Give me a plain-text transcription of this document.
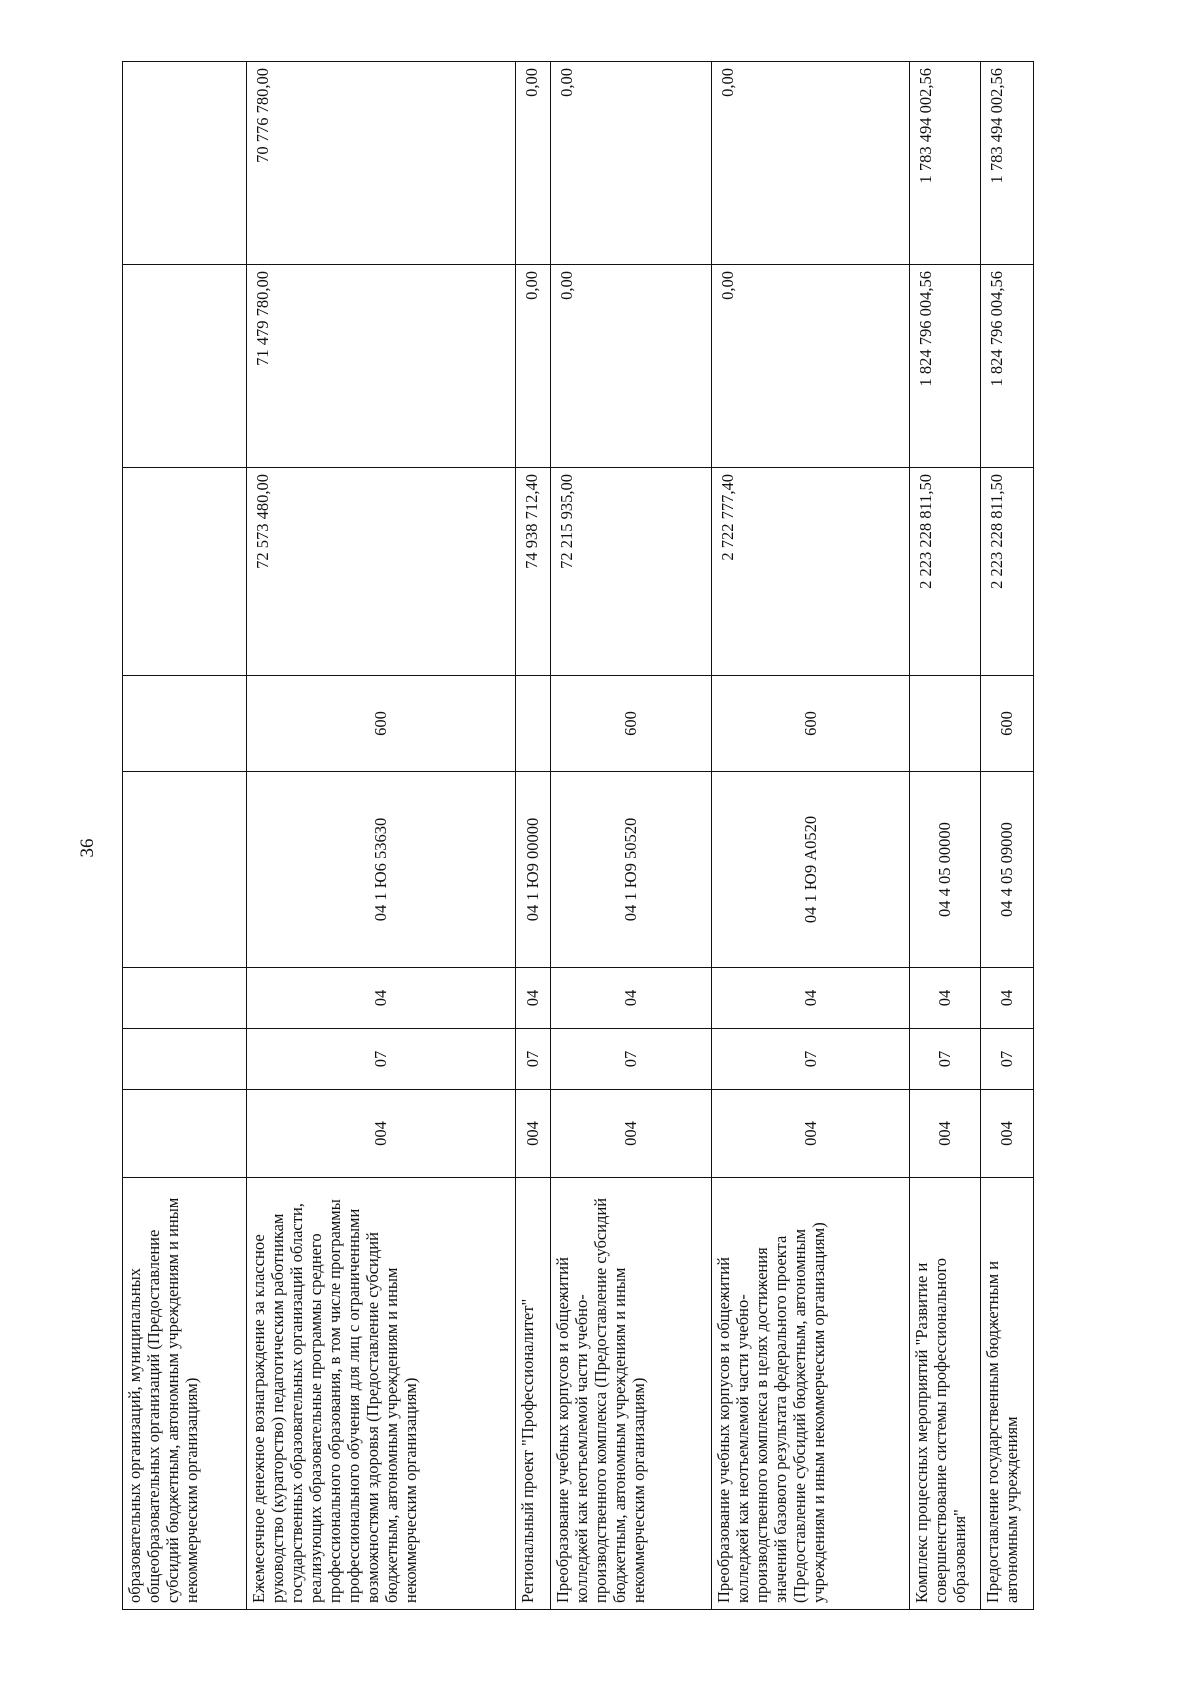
36
образовательных организаций, муниципальных общеобразовательных организаций (Предоставление субсидий бюджетным, автономным учреждениям и иным некоммерческим организациям)								
Ежемесячное денежное вознаграждение за классное руководство (кураторство) педагогическим работникам государственных образовательных организаций области, реализующих образовательные программы среднего профессионального образования, в том числе программы профессионального обучения для лиц с ограниченными возможностями здоровья (Предоставление субсидий бюджетным, автономным учреждениям и иным некоммерческим организациям)	004	07	04	04 1 Ю6 53630	600	72 573 480,00	71 479 780,00	70 776 780,00
Региональный проект "Профессионалитет"	004	07	04	04 1 Ю9 00000		74 938 712,40	0,00	0,00
Преобразование учебных корпусов и общежитий колледжей как неотъемлемой части учебно-производственного комплекса (Предоставление субсидий бюджетным, автономным учреждениям и иным некоммерческим организациям)	004	07	04	04 1 Ю9 50520	600	72 215 935,00	0,00	0,00
Преобразование учебных корпусов и общежитий колледжей как неотъемлемой части учебно-производственного комплекса в целях достижения значений базового результата федерального проекта (Предоставление субсидий бюджетным, автономным учреждениям и иным некоммерческим организациям)	004	07	04	04 1 Ю9 А0520	600	2 722 777,40	0,00	0,00
Комплекс процессных мероприятий "Развитие и совершенствование системы профессионального образования"	004	07	04	04 4 05 00000		2 223 228 811,50	1 824 796 004,56	1 783 494 002,56
Предоставление государственным бюджетным и автономным учреждениям	004	07	04	04 4 05 09000	600	2 223 228 811,50	1 824 796 004,56	1 783 494 002,56
